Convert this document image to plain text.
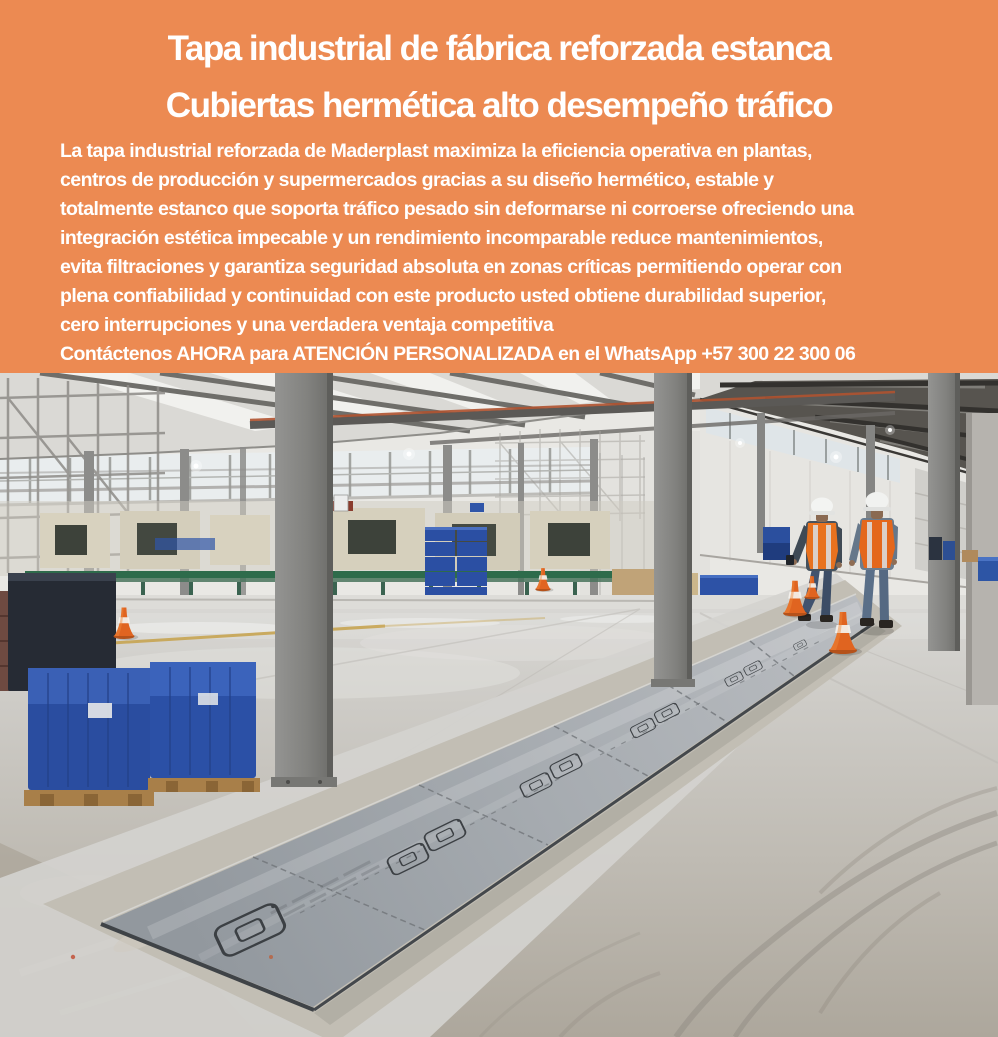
Tapa industrial de fábrica reforzada estanca
Cubiertas hermética alto desempeño tráfico
La tapa industrial reforzada de Maderplast maximiza la eficiencia operativa en plantas,
centros de producción y supermercados gracias a su diseño hermético, estable y
totalmente estanco que soporta tráfico pesado sin deformarse ni corroerse ofreciendo una
integración estética impecable y un rendimiento incomparable reduce mantenimientos,
evita filtraciones y garantiza seguridad absoluta en zonas críticas permitiendo operar con
plena confiabilidad y continuidad con este producto usted obtiene durabilidad superior,
cero interrupciones y una verdadera ventaja competitiva
Contáctenos AHORA para ATENCIÓN PERSONALIZADA en el WhatsApp +57 300 22 300 06
